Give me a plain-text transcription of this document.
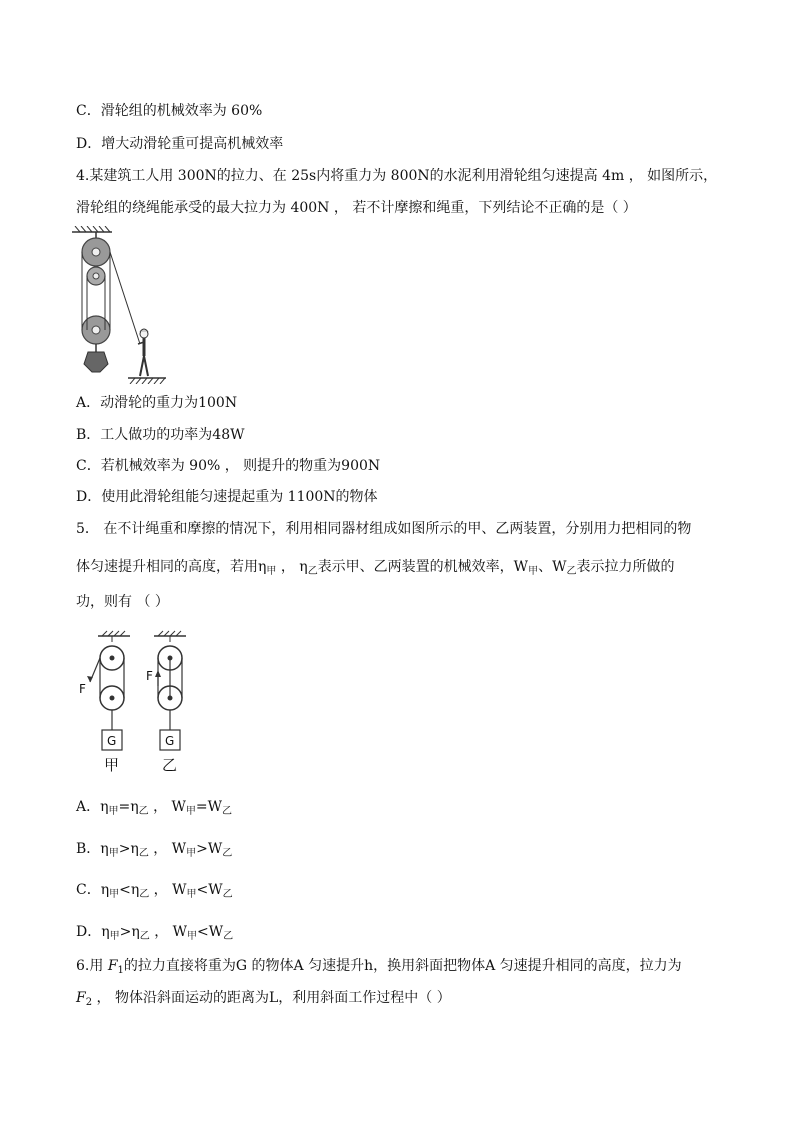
C．滑轮组的机械效率为 60%
D．增大动滑轮重可提高机械效率
4.某建筑工人用 300N的拉力、在 25s内将重力为 800N的水泥利用滑轮组匀速提高 4m ， 如图所示，
滑轮组的绕绳能承受的最大拉力为 400N ， 若不计摩擦和绳重，下列结论不正确的是（ ）
A．动滑轮的重力为100N
B．工人做功的功率为48W
C．若机械效率为 90% ， 则提升的物重为900N
D．使用此滑轮组能匀速提起重为 1100N的物体
5． 在不计绳重和摩擦的情况下，利用相同器材组成如图所示的甲、乙两装置，分别用力把相同的物
体匀速提升相同的高度，若用$\eta_甲$ ， $\eta_乙$表示甲、乙两装置的机械效率，$W_甲$、$W_乙$表示拉力所做的
功，则有 （ ）
F
G
甲
F
G
乙
A．$\eta_甲=\eta_乙$ ， $W_甲=W_乙$
B．$\eta_甲>\eta_乙$ ， $W_甲>W_乙$
C．$\eta_甲<\eta_乙$ ， $W_甲<W_乙$
D．$\eta_甲>\eta_乙$ ， $W_甲<W_乙$
6.用 $F_1$的拉力直接将重为G 的物体A 匀速提升h，换用斜面把物体A 匀速提升相同的高度，拉力为
$F_2$ ， 物体沿斜面运动的距离为L，利用斜面工作过程中（ ）
